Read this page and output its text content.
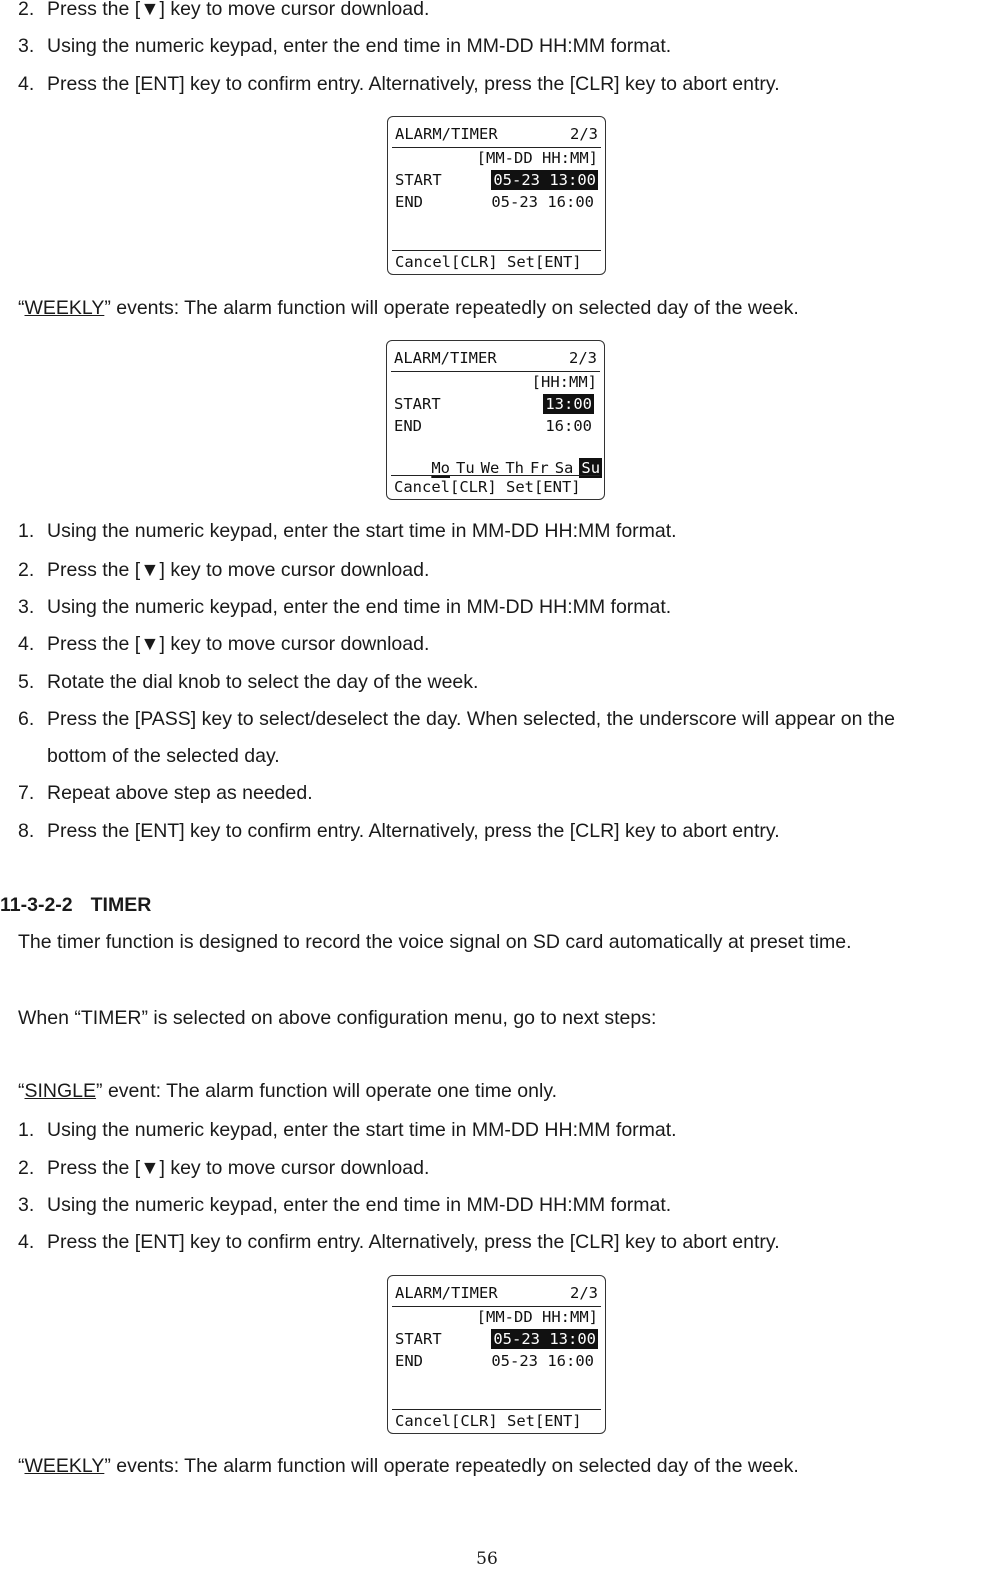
2. Press the [▼] key to move cursor download.
3. Using the numeric keypad, enter the end time in MM-DD HH:MM format.
4. Press the [ENT] key to confirm entry. Alternatively, press the [CLR] key to abort entry.
ALARM/TIMER	2/3
[MM-DD HH:MM]
START	05-23 13:00
END	05-23 16:00
Cancel[CLR] Set[ENT]
“WEEKLY” events: The alarm function will operate repeatedly on selected day of the week.
ALARM/TIMER	2/3
[HH:MM]
START	13:00
END	16:00

Mo Tu We Th Fr Sa Su

Cancel[CLR] Set[ENT]
1. Using the numeric keypad, enter the start time in MM-DD HH:MM format.
2. Press the [▼] key to move cursor download.
3. Using the numeric keypad, enter the end time in MM-DD HH:MM format.
4. Press the [▼] key to move cursor download.
5. Rotate the dial knob to select the day of the week.
6. Press the [PASS] key to select/deselect the day. When selected, the underscore will appear on the
bottom of the selected day.
7. Repeat above step as needed.
8. Press the [ENT] key to confirm entry. Alternatively, press the [CLR] key to abort entry.
11-3-2-2 TIMER
The timer function is designed to record the voice signal on SD card automatically at preset time.
When “TIMER” is selected on above configuration menu, go to next steps:
“SINGLE” event: The alarm function will operate one time only.
1. Using the numeric keypad, enter the start time in MM-DD HH:MM format.
2. Press the [▼] key to move cursor download.
3. Using the numeric keypad, enter the end time in MM-DD HH:MM format.
4. Press the [ENT] key to confirm entry. Alternatively, press the [CLR] key to abort entry.
ALARM/TIMER	2/3
[MM-DD HH:MM]
START	05-23 13:00
END	05-23 16:00
Cancel[CLR] Set[ENT]
“WEEKLY” events: The alarm function will operate repeatedly on selected day of the week.
56
